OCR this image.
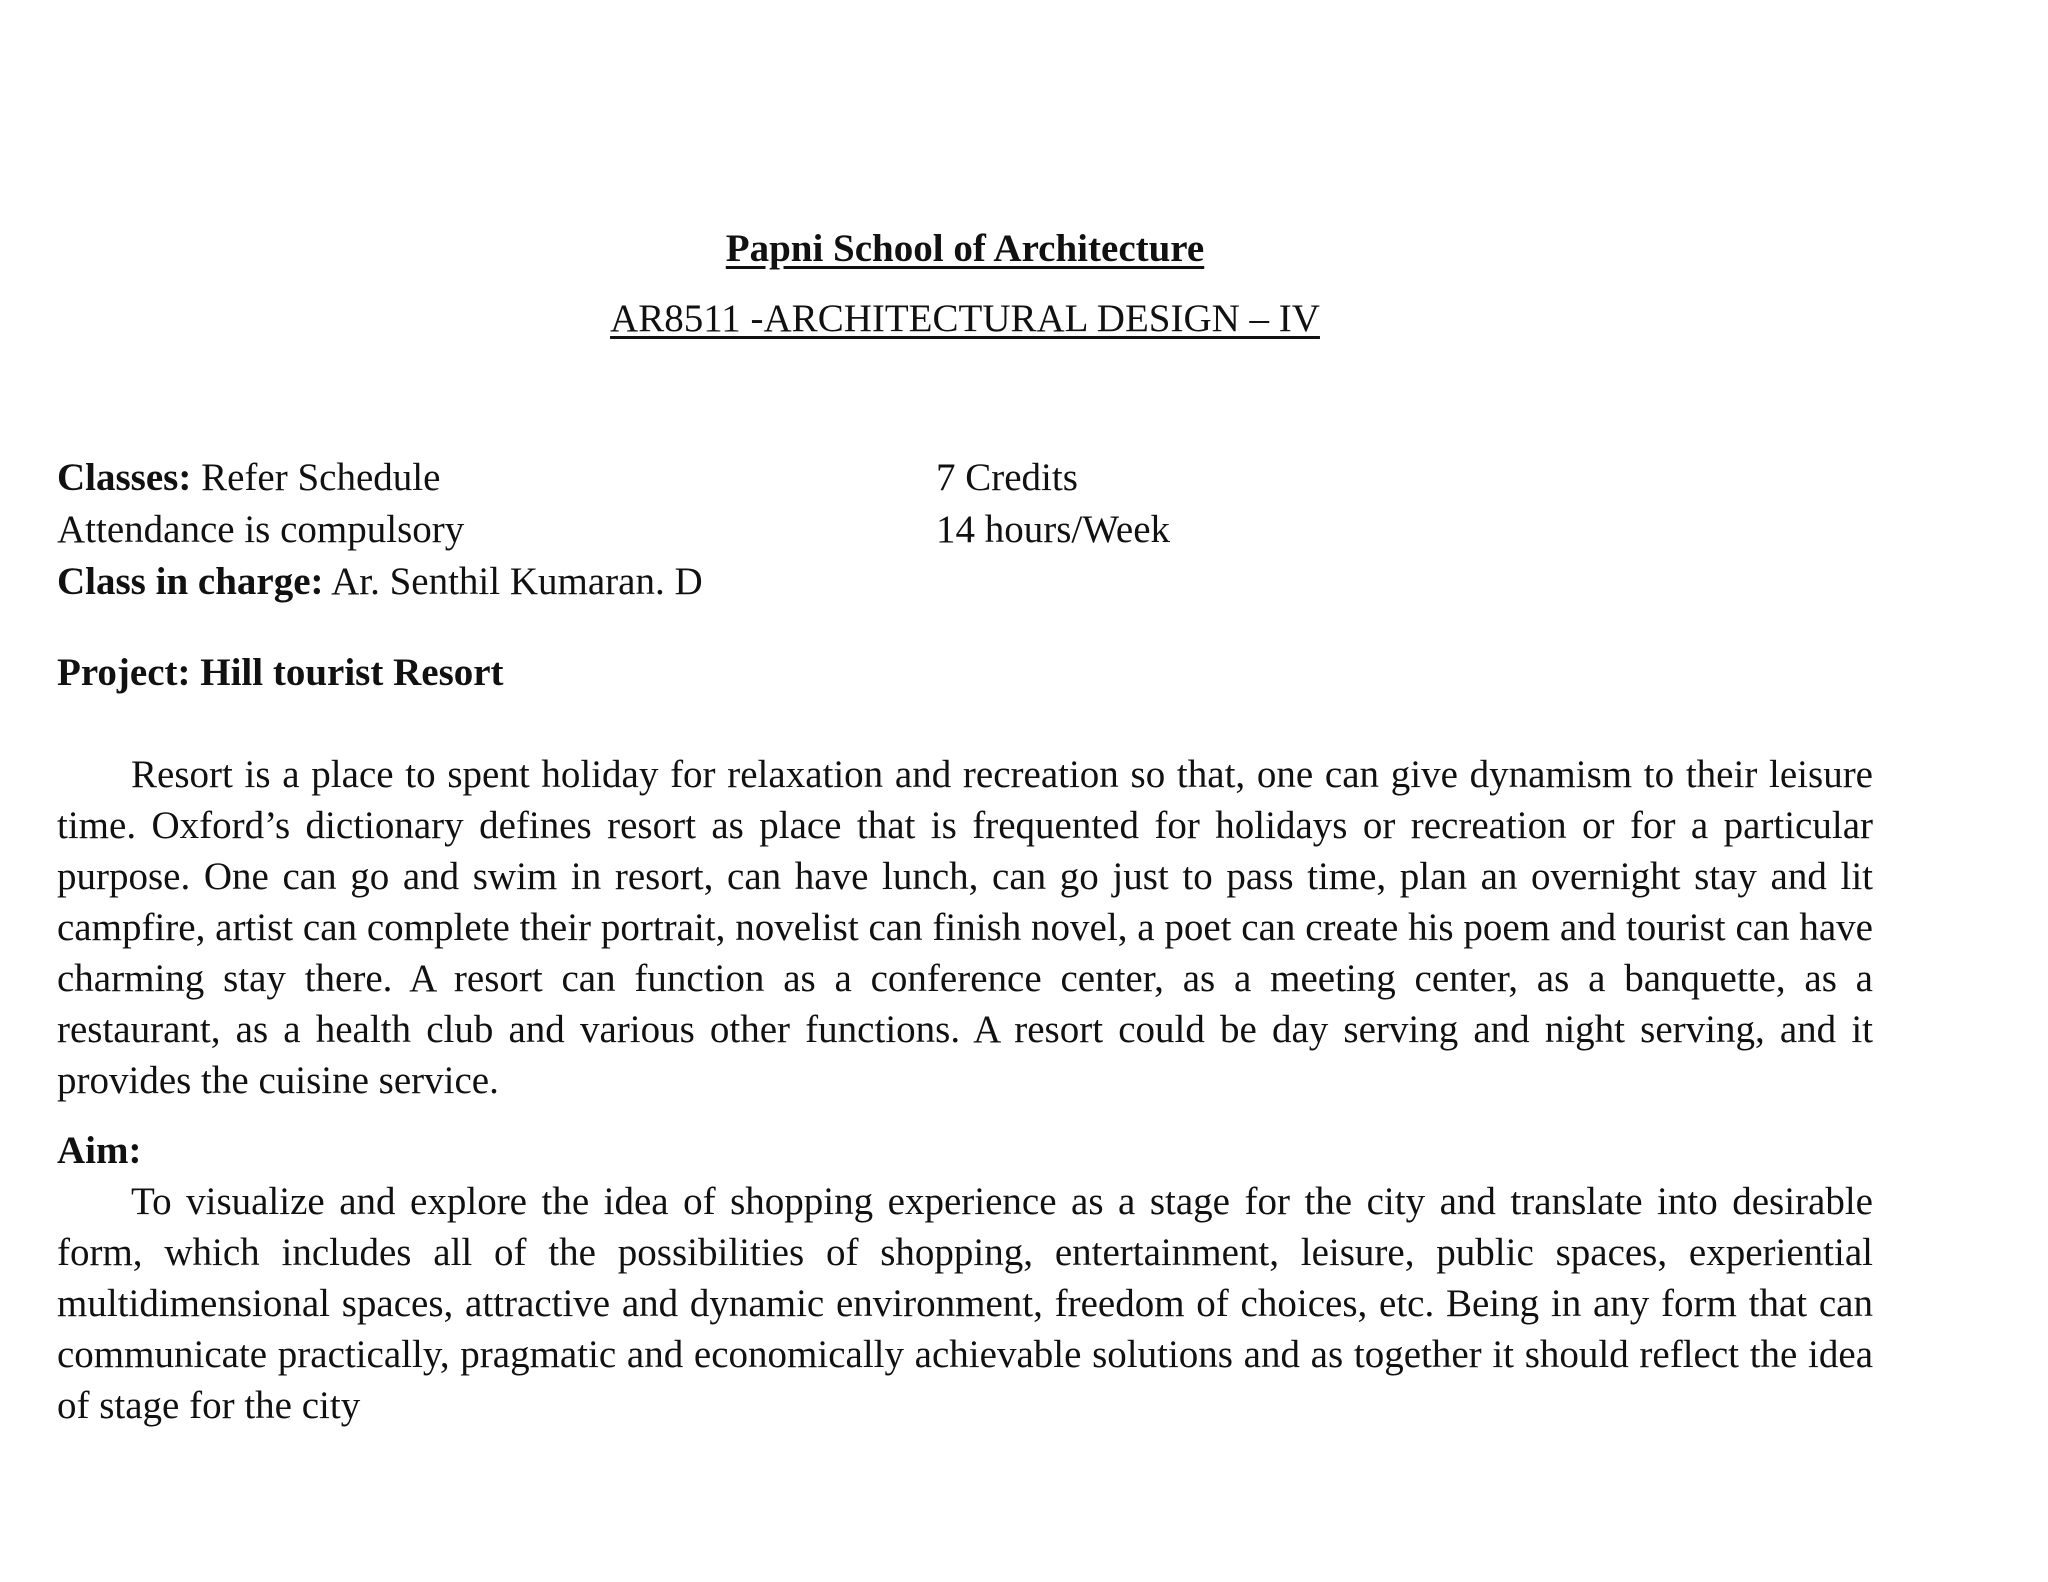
Papni School of Architecture
AR8511 -ARCHITECTURAL DESIGN – IV
Classes: Refer Schedule
Attendance is compulsory
Class in charge: Ar. Senthil Kumaran. D
7 Credits
14 hours/Week
Project: Hill tourist Resort
Resort is a place to spent holiday for relaxation and recreation so that, one can give dynamism to their leisure time. Oxford’s dictionary defines resort as place that is frequented for holidays or recreation or for a particular purpose. One can go and swim in resort, can have lunch, can go just to pass time, plan an overnight stay and lit campfire, artist can complete their portrait, novelist can finish novel, a poet can create his poem and tourist can have charming stay there. A resort can function as a conference center, as a meeting center, as a banquette, as a restaurant, as a health club and various other functions. A resort could be day serving and night serving, and it provides the cuisine service.
Aim:
To visualize and explore the idea of shopping experience as a stage for the city and translate into desirable form, which includes all of the possibilities of shopping, entertainment, leisure, public spaces, experiential multidimensional spaces, attractive and dynamic environment, freedom of choices, etc. Being in any form that can communicate practically, pragmatic and economically achievable solutions and as together it should reflect the idea of stage for the city
